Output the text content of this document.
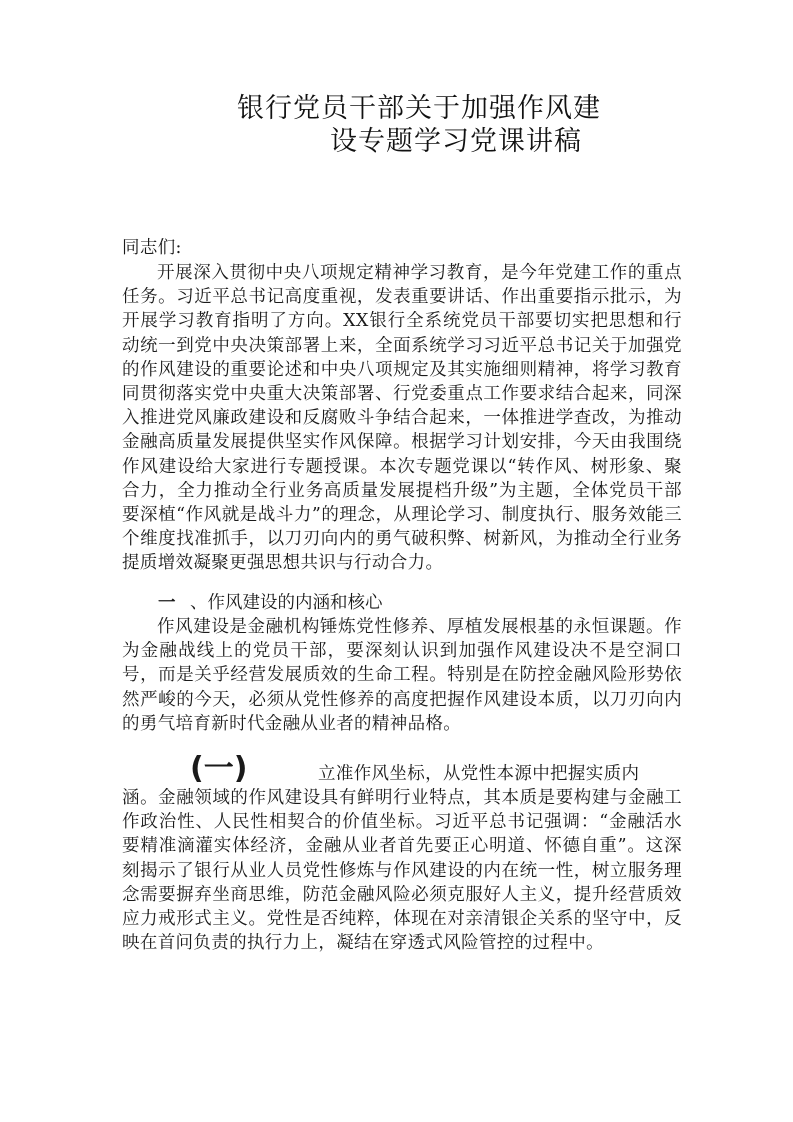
银行党员干部关于加强作风建
设专题学习党课讲稿
同志们:
开展深入贯彻中央八项规定精神学习教育，是今年党建工作的重点任务。习近平总书记高度重视，发表重要讲话、作出重要指示批示，为开展学习教育指明了方向。XX银行全系统党员干部要切实把思想和行动统一到党中央决策部署上来，全面系统学习习近平总书记关于加强党的作风建设的重要论述和中央八项规定及其实施细则精神，将学习教育同贯彻落实党中央重大决策部署、行党委重点工作要求结合起来，同深入推进党风廉政建设和反腐败斗争结合起来，一体推进学查改，为推动金融高质量发展提供坚实作风保障。根据学习计划安排，今天由我围绕作风建设给大家进行专题授课。本次专题党课以“转作风、树形象、聚合力，全力推动全行业务高质量发展提档升级”为主题，全体党员干部要深植“作风就是战斗力”的理念，从理论学习、制度执行、服务效能三个维度找准抓手，以刀刃向内的勇气破积弊、树新风，为推动全行业务提质增效凝聚更强思想共识与行动合力。
一 、作风建设的内涵和核心
作风建设是金融机构锤炼党性修养、厚植发展根基的永恒课题。作为金融战线上的党员干部，要深刻认识到加强作风建设决不是空洞口号，而是关乎经营发展质效的生命工程。特别是在防控金融风险形势依然严峻的今天，必须从党性修养的高度把握作风建设本质，以刀刃向内的勇气培育新时代金融从业者的精神品格。
(一)	立准作风坐标，从党性本源中把握实质内
涵。金融领域的作风建设具有鲜明行业特点，其本质是要构建与金融工作政治性、人民性相契合的价值坐标。习近平总书记强调：“金融活水要精准滴灌实体经济，金融从业者首先要正心明道、怀德自重”。这深刻揭示了银行从业人员党性修炼与作风建设的内在统一性，树立服务理念需要摒弃坐商思维，防范金融风险必须克服好人主义，提升经营质效应力戒形式主义。党性是否纯粹，体现在对亲清银企关系的坚守中，反映在首问负责的执行力上，凝结在穿透式风险管控的过程中。
